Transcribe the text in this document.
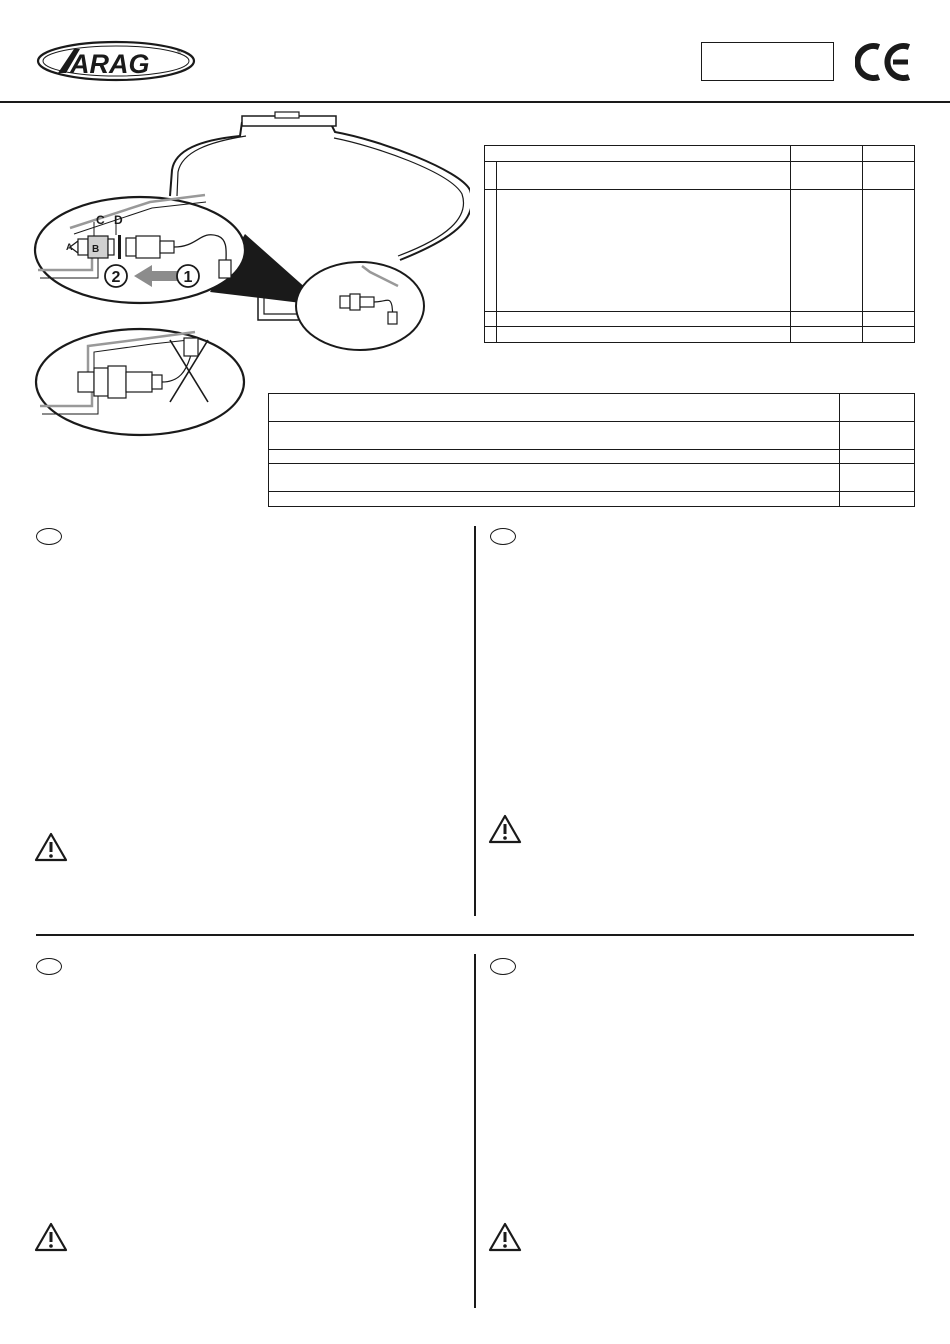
ARAG	®
C D
A B
2	1
